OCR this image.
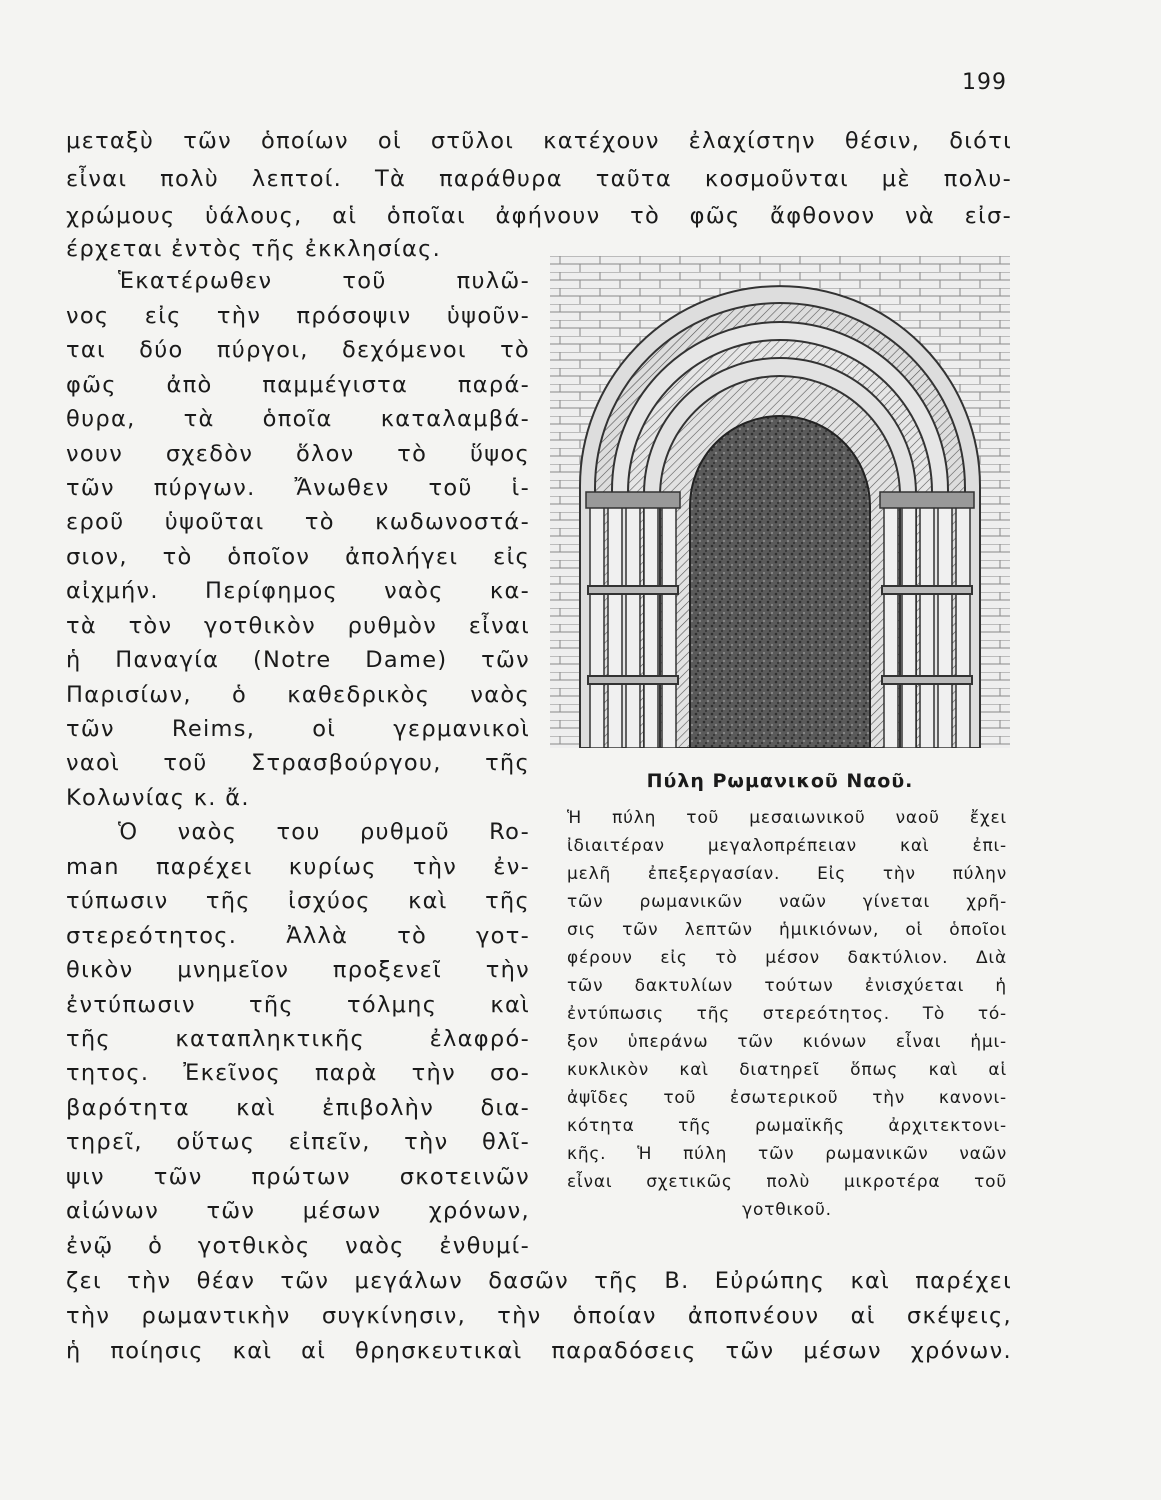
199
μεταξὺ τῶν ὁποίων οἱ στῦλοι κατέχουν ἐλαχίστην θέσιν, διότι
εἶναι πολὺ λεπτοί. Τὰ παράθυρα ταῦτα κοσμοῦνται μὲ πολυ-
χρώμους ὑάλους, αἱ ὁποῖαι ἀφήνουν τὸ φῶς ἄφθονον νὰ εἰσ-
έρχεται ἐντὸς τῆς ἐκκλησίας.
Ἑκατέρωθεν τοῦ πυλῶ-
νος εἰς τὴν πρόσοψιν ὑψοῦν-
ται δύο πύργοι, δεχόμενοι τὸ
φῶς ἀπὸ παμμέγιστα παρά-
θυρα, τὰ ὁποῖα καταλαμβά-
νουν σχεδὸν ὅλον τὸ ὕψος
τῶν πύργων. Ἄνωθεν τοῦ ἱ-
εροῦ ὑψοῦται τὸ κωδωνοστά-
σιον, τὸ ὁποῖον ἀπολήγει εἰς
αἰχμήν. Περίφημος ναὸς κα-
τὰ τὸν γοτθικὸν ρυθμὸν εἶναι
ἡ Παναγία (Notre Dame) τῶν
Παρισίων, ὁ καθεδρικὸς ναὸς
τῶν Reims, οἱ γερμανικοὶ
ναοὶ τοῦ Στρασβούργου, τῆς
Κολωνίας κ. ἄ.
Ὁ ναὸς του ρυθμοῦ Ro-
man παρέχει κυρίως τὴν ἐν-
τύπωσιν τῆς ἰσχύος καὶ τῆς
στερεότητος. Ἀλλὰ τὸ γοτ-
θικὸν μνημεῖον προξενεῖ τὴν
ἐντύπωσιν τῆς τόλμης καὶ
τῆς καταπληκτικῆς ἐλαφρό-
τητος. Ἐκεῖνος παρὰ τὴν σο-
βαρότητα καὶ ἐπιβολὴν δια-
τηρεῖ, οὕτως εἰπεῖν, τὴν θλῖ-
ψιν τῶν πρώτων σκοτεινῶν
αἰώνων τῶν μέσων χρόνων,
ἐνῷ ὁ γοτθικὸς ναὸς ἐνθυμί-
ζει τὴν θέαν τῶν μεγάλων δασῶν τῆς Β. Εὐρώπης καὶ παρέχει
τὴν ρωμαντικὴν συγκίνησιν, τὴν ὁποίαν ἀποπνέουν αἱ σκέψεις,
ἡ ποίησις καὶ αἱ θρησκευτικαὶ παραδόσεις τῶν μέσων χρόνων.
Πύλη Ρωμανικοῦ Ναοῦ.
Ἡ πύλη τοῦ μεσαιωνικοῦ ναοῦ ἔχει
ἰδιαιτέραν μεγαλοπρέπειαν καὶ ἐπι-
μελῆ ἐπεξεργασίαν. Εἰς τὴν πύλην
τῶν ρωμανικῶν ναῶν γίνεται χρῆ-
σις τῶν λεπτῶν ἡμικιόνων, οἱ ὁποῖοι
φέρουν εἰς τὸ μέσον δακτύλιον. Διὰ
τῶν δακτυλίων τούτων ἐνισχύεται ἡ
ἐντύπωσις τῆς στερεότητος. Τὸ τό-
ξον ὑπεράνω τῶν κιόνων εἶναι ἡμι-
κυκλικὸν καὶ διατηρεῖ ὅπως καὶ αἱ
ἀψῖδες τοῦ ἐσωτερικοῦ τὴν κανονι-
κότητα τῆς ρωμαϊκῆς ἀρχιτεκτονι-
κῆς. Ἡ πύλη τῶν ρωμανικῶν ναῶν
εἶναι σχετικῶς πολὺ μικροτέρα τοῦ
γοτθικοῦ.
